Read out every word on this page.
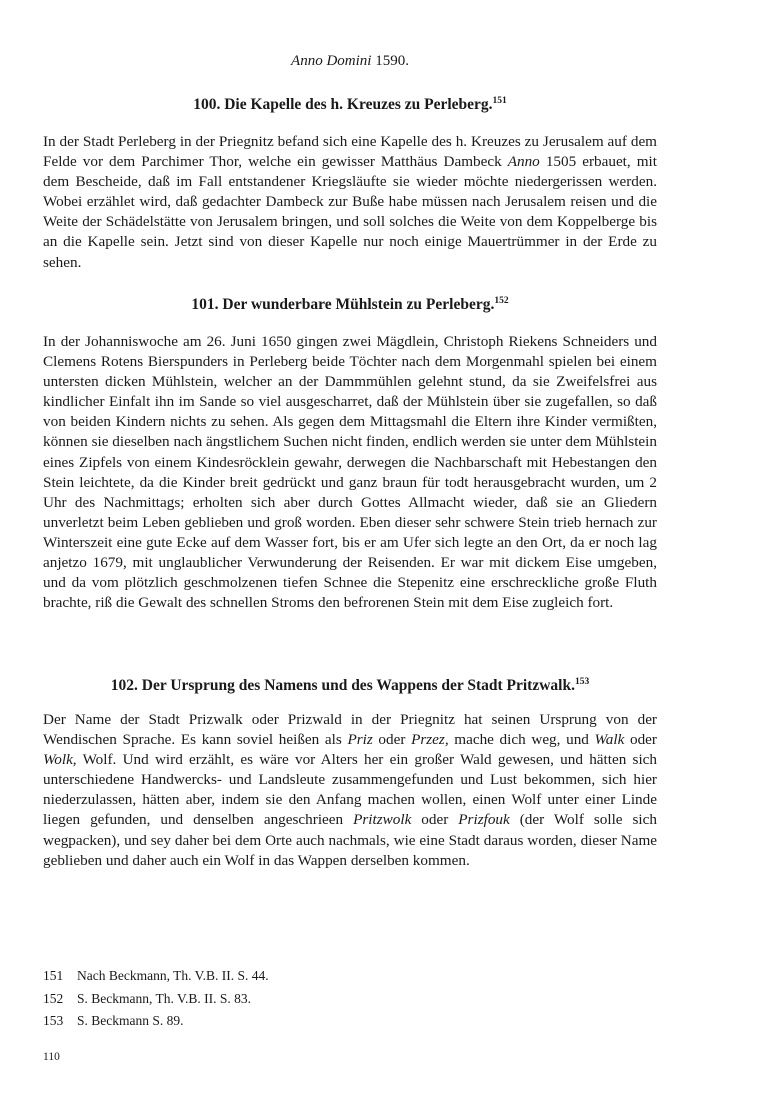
Anno Domini 1590.
100. Die Kapelle des h. Kreuzes zu Perleberg.$^{151}$

In der Stadt Perleberg in der Priegnitz befand sich eine Kapelle des h. Kreuzes zu Jerusalem auf dem Felde vor dem Parchimer Thor, welche ein gewisser Matthäus Dambeck Anno 1505 erbauet, mit dem Bescheide, daß im Fall entstandener Kriegsläufte sie wieder möchte niedergerissen werden. Wobei erzählet wird, daß gedachter Dambeck zur Buße habe müssen nach Jerusalem reisen und die Weite der Schädelstätte von Jerusalem bringen, und soll solches die Weite von dem Koppelberge bis an die Kapelle sein. Jetzt sind von dieser Kapelle nur noch einige Mauertrümmer in der Erde zu sehen.

101. Der wunderbare Mühlstein zu Perleberg.$^{152}$

In der Johanniswoche am 26. Juni 1650 gingen zwei Mägdlein, Christoph Riekens Schneiders und Clemens Rotens Bierspunders in Perleberg beide Töchter nach dem Morgenmahl spielen bei einem untersten dicken Mühlstein, welcher an der Dammmühlen gelehnt stund, da sie Zweifelsfrei aus kindlicher Einfalt ihn im Sande so viel ausgescharret, daß der Mühlstein über sie zugefallen, so daß von beiden Kindern nichts zu sehen. Als gegen dem Mittagsmahl die Eltern ihre Kinder vermißten, können sie dieselben nach ängstlichem Suchen nicht finden, endlich werden sie unter dem Mühlstein eines Zipfels von einem Kindesröcklein gewahr, derwegen die Nachbarschaft mit Hebestangen den Stein leichtete, da die Kinder breit gedrückt und ganz braun für todt herausgebracht wurden, um 2 Uhr des Nachmittags; erholten sich aber durch Gottes Allmacht wieder, daß sie an Gliedern unverletzt beim Leben geblieben und groß worden. Eben dieser sehr schwere Stein trieb hernach zur Winterszeit eine gute Ecke auf dem Wasser fort, bis er am Ufer sich legte an den Ort, da er noch lag anjetzo 1679, mit unglaublicher Verwunderung der Reisenden. Er war mit dickem Eise umgeben, und da vom plötzlich geschmolzenen tiefen Schnee die Stepenitz eine erschreckliche große Fluth brachte, riß die Gewalt des schnellen Stroms den befrorenen Stein mit dem Eise zugleich fort.

102. Der Ursprung des Namens und des Wappens der Stadt Pritzwalk.$^{153}$

Der Name der Stadt Prizwalk oder Prizwald in der Priegnitz hat seinen Ursprung von der Wendischen Sprache. Es kann soviel heißen als Priz oder Przez, mache dich weg, und Walk oder Wolk, Wolf. Und wird erzählt, es wäre vor Alters her ein großer Wald gewesen, und hätten sich unterschiedene Handwercks- und Landsleute zusammengefunden und Lust bekommen, sich hier niederzulassen, hätten aber, indem sie den Anfang machen wollen, einen Wolf unter einer Linde liegen gefunden, und denselben angeschrieen Pritzwolk oder Prizfouk (der Wolf solle sich wegpacken), und sey daher bei dem Orte auch nachmals, wie eine Stadt daraus worden, dieser Name geblieben und daher auch ein Wolf in das Wappen derselben kommen.

151	Nach Beckmann, Th. V.B. II. S. 44.
152	S. Beckmann, Th. V.B. II. S. 83.
153	S. Beckmann S. 89.
110
